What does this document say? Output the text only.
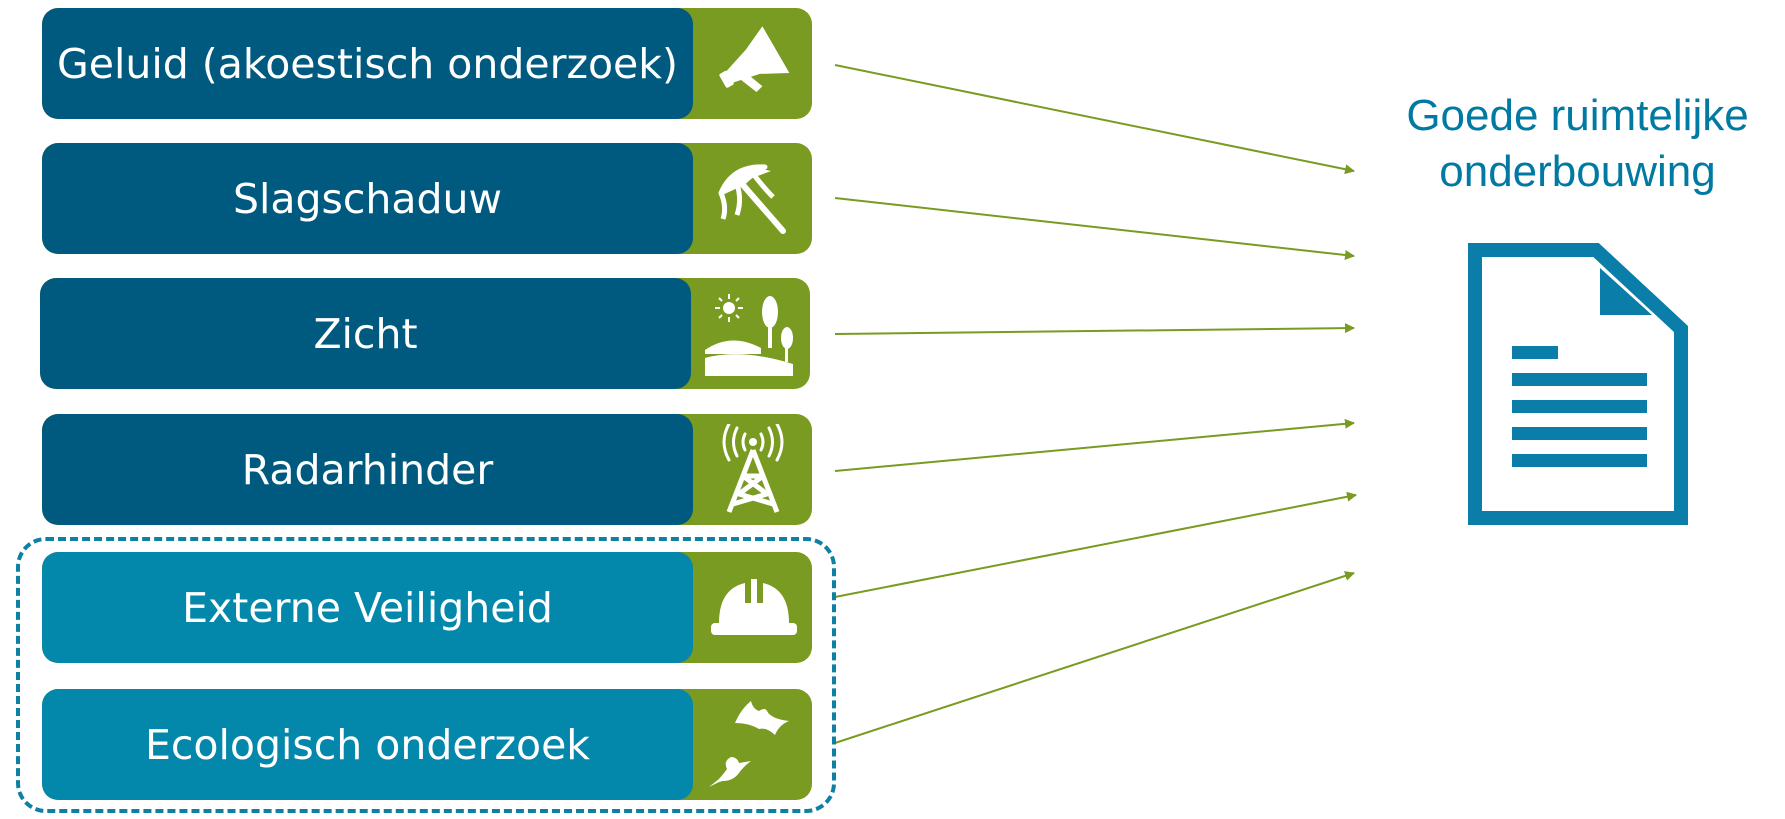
Geluid (akoestisch onderzoek)
Slagschaduw
Zicht
Radarhinder
Externe Veiligheid
Ecologisch onderzoek
Goede ruimtelijke
onderbouwing
